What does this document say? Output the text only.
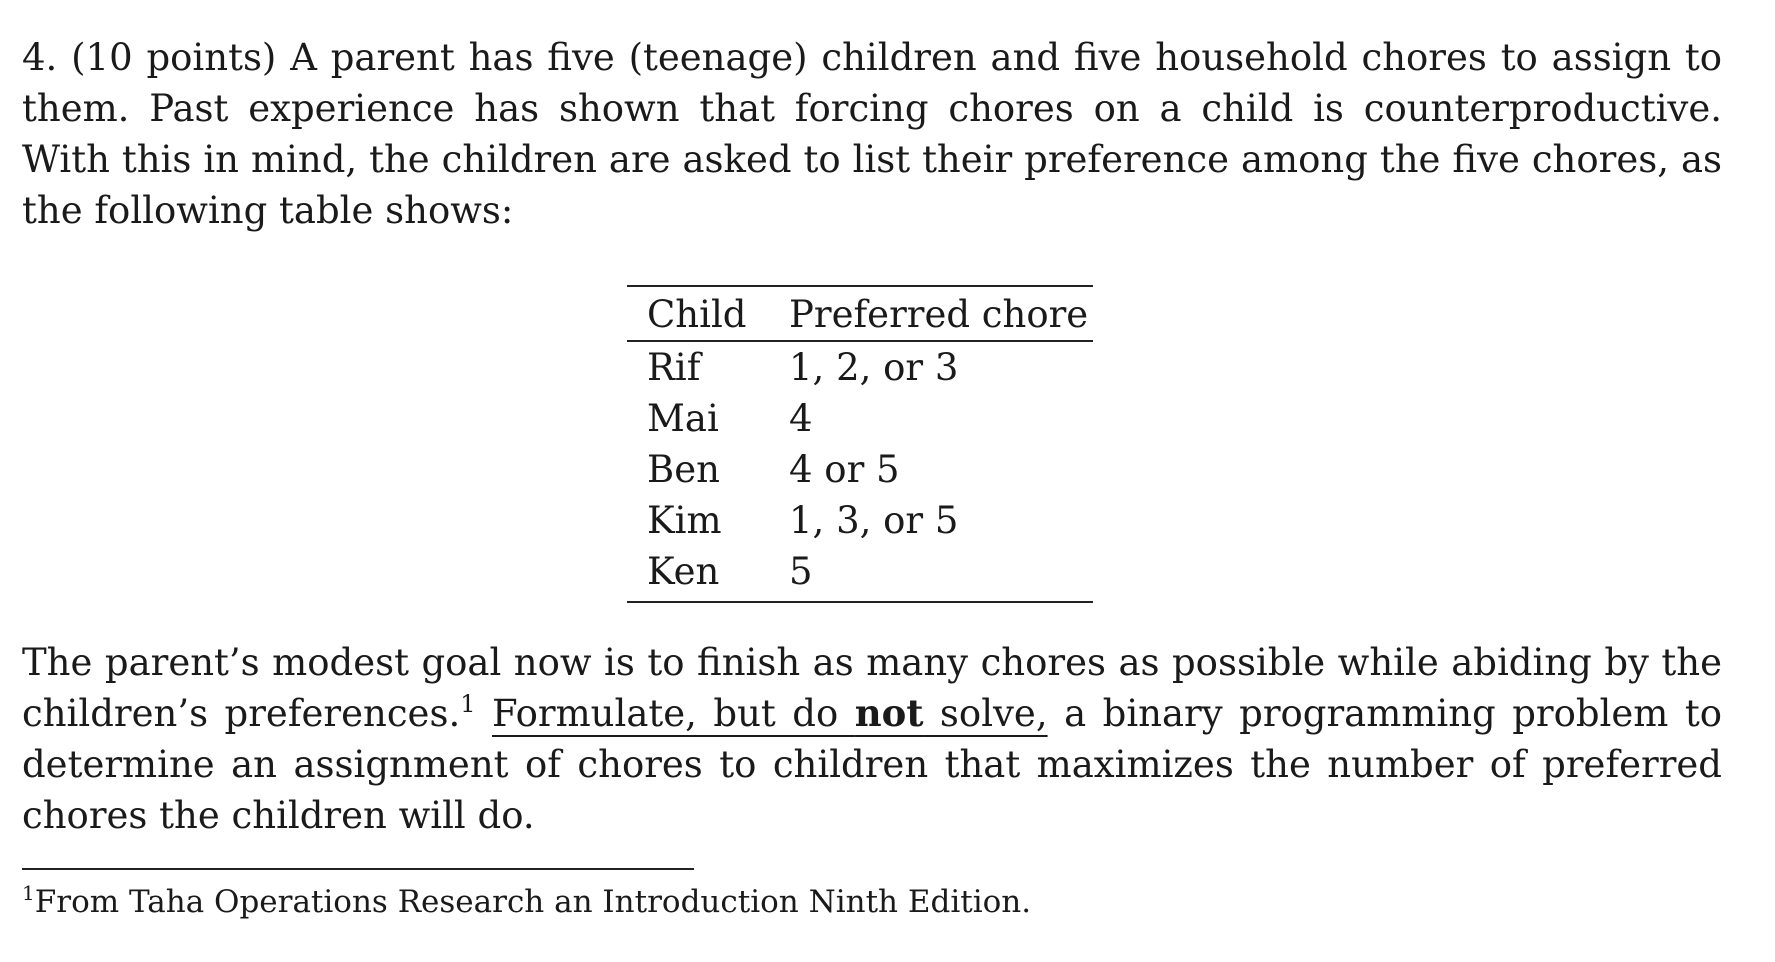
4. (10 points) A parent has five (teenage) children and five household chores to assign to them. Past experience has shown that forcing chores on a child is counterproductive. With this in mind, the children are asked to list their preference among the five chores, as the following table shows:

Child	Preferred chore
Rif	1, 2, or 3
Mai	4
Ben	4 or 5
Kim	1, 3, or 5
Ken	5

The parent’s modest goal now is to finish as many chores as possible while abiding by the children’s preferences.$^1$ Formulate, but do not solve, a binary programming problem to determine an assignment of chores to children that maximizes the number of preferred chores the children will do.

$^1$From Taha Operations Research an Introduction Ninth Edition.
